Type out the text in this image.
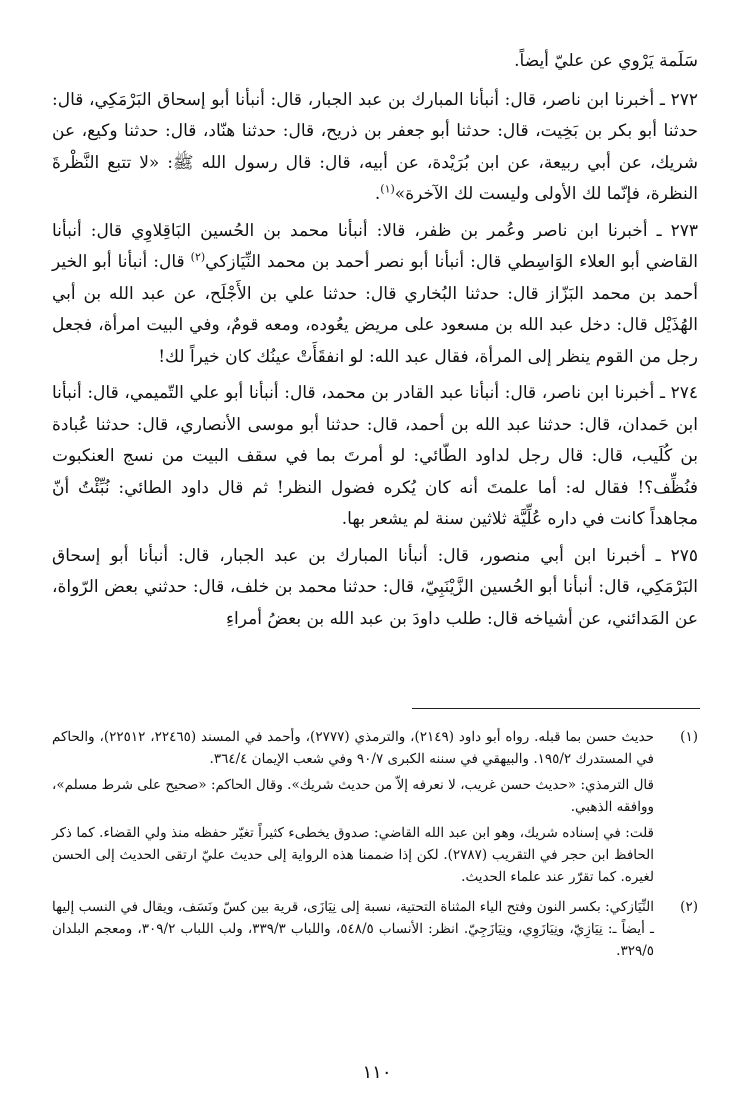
سَلَمة يَرْوي عن عليّ أيضاً.

٢٧٢ ـ أخبرنا ابن ناصر، قال: أنبأنا المبارك بن عبد الجبار، قال: أنبأنا أبو إسحاق البَرْمَكِي، قال: حدثنا أبو بكر بن بَخِيت، قال: حدثنا أبو جعفر بن ذريح، قال: حدثنا هنّاد، قال: حدثنا وكيع، عن شريك، عن أبي ربيعة، عن ابن بُرَيْدة، عن أبيه، قال: قال رسول الله ﷺ: «لا تتبع النَّظْرةَ النظرة، فإنّما لك الأولى وليست لك الآخرة»$^{(١)}$.

٢٧٣ ـ أخبرنا ابن ناصر وعُمر بن ظفر، قالا: أنبأنا محمد بن الحُسين البَاقِلاوِي قال: أنبأنا القاضي أبو العلاء الوَاسِطي قال: أنبأنا أبو نصر أحمد بن محمد النِّيَازكي$^{(٢)}$ قال: أنبأنا أبو الخير أحمد بن محمد البَزّاز قال: حدثنا البُخاري قال: حدثنا علي بن الأَجْلَح، عن عبد الله بن أبي الهُذَيْل قال: دخل عبد الله بن مسعود على مريض يعُوده، ومعه قومٌ، وفي البيت امرأة، فجعل رجل من القوم ينظر إلى المرأة، فقال عبد الله: لو انفقَأَتْ عينُك كان خيراً لك!

٢٧٤ ـ أخبرنا ابن ناصر، قال: أنبأنا عبد القادر بن محمد، قال: أنبأنا أبو علي التّميمي، قال: أنبأنا ابن حَمدان، قال: حدثنا عبد الله بن أحمد، قال: حدثنا أبو موسى الأنصاري، قال: حدثنا عُبادة بن كُلَيب، قال: قال رجل لداود الطّائي: لو أمرتَ بما في سقف البيت من نسج العنكبوت فنُظِّف؟! فقال له: أما علمتَ أنه كان يُكره فضول النظر! ثم قال داود الطائي: نُبِّئْتُ أنّ مجاهداً كانت في داره عُلِّيَّة ثلاثين سنة لم يشعر بها.

٢٧٥ ـ أخبرنا ابن أبي منصور، قال: أنبأنا المبارك بن عبد الجبار، قال: أنبأنا أبو إسحاق البَرْمَكِي، قال: أنبأنا أبو الحُسين الزَّيْنَبِيّ، قال: حدثنا محمد بن خلف، قال: حدثني بعض الرّواة، عن المَدائني، عن أشياخه قال: طلب داودَ بن عبد الله بن بعضُ أمراءِ

(١)

حديث حسن بما قبله. رواه أبو داود (٢١٤٩)، والترمذي (٢٧٧٧)، وأحمد في المسند (٢٢٤٦٥، ٢٢٥١٢)، والحاكم في المستدرك ١٩٥/٢. والبيهقي في سننه الكبرى ٩٠/٧ وفي شعب الإيمان ٣٦٤/٤.

قال الترمذي: «حديث حسن غريب، لا نعرفه إلاّ من حديث شريك». وقال الحاكم: «صحيح على شرط مسلم»، ووافقه الذهبي.

قلت: في إسناده شريك، وهو ابن عبد الله القاضي: صدوق يخطىء كثيراً تغيّر حفظه منذ ولي القضاء. كما ذكر الحافظ ابن حجر في التقريب (٢٧٨٧). لكن إذا ضممنا هذه الرواية إلى حديث عليّ ارتقى الحديث إلى الحسن لغيره. كما تقرّر عند علماء الحديث.

(٢)

النِّيَازكي: بكسر النون وفتح الياء المثناة التحتية، نسبة إلى نِيَازَى، قرية بين كسّ ونَسَف، ويقال في النسب إليها ـ أيضاً ـ: نِيَازِيّ، ونِيَازَوِي، ونِيَازَجِيّ. انظر: الأنساب ٥٤٨/٥، واللباب ٣٣٩/٣، ولب اللباب ٣٠٩/٢، ومعجم البلدان ٣٢٩/٥.

١١٠
